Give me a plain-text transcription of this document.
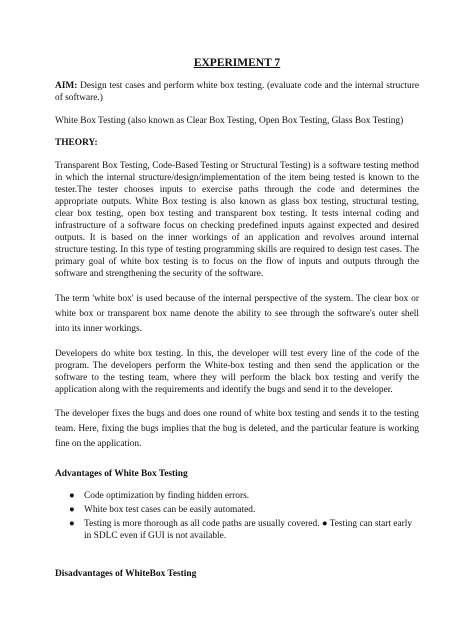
EXPERIMENT 7

AIM: Design test cases and perform white box testing. (evaluate code and the internal structure of software.)

White Box Testing (also known as Clear Box Testing, Open Box Testing, Glass Box Testing)

THEORY:

Transparent Box Testing, Code-Based Testing or Structural Testing) is a software testing method in which the internal structure/design/implementation of the item being tested is known to the tester.The tester chooses inputs to exercise paths through the code and determines the appropriate outputs. White Box testing is also known as glass box testing, structural testing, clear box testing, open box testing and transparent box testing. It tests internal coding and infrastructure of a software focus on checking predefined inputs against expected and desired outputs. It is based on the inner workings of an application and revolves around internal structure testing. In this type of testing programming skills are required to design test cases. The primary goal of white box testing is to focus on the flow of inputs and outputs through the software and strengthening the security of the software.

The term 'white box' is used because of the internal perspective of the system. The clear box or white box or transparent box name denote the ability to see through the software's outer shell into its inner workings.

Developers do white box testing. In this, the developer will test every line of the code of the program. The developers perform the White-box testing and then send the application or the software to the testing team, where they will perform the black box testing and verify the application along with the requirements and identify the bugs and send it to the developer.

The developer fixes the bugs and does one round of white box testing and sends it to the testing team. Here, fixing the bugs implies that the bug is deleted, and the particular feature is working fine on the application.

Advantages of White Box Testing

● Code optimization by finding hidden errors.
● White box test cases can be easily automated.
● Testing is more thorough as all code paths are usually covered. ● Testing can start early in SDLC even if GUI is not available.

Disadvantages of WhiteBox Testing
